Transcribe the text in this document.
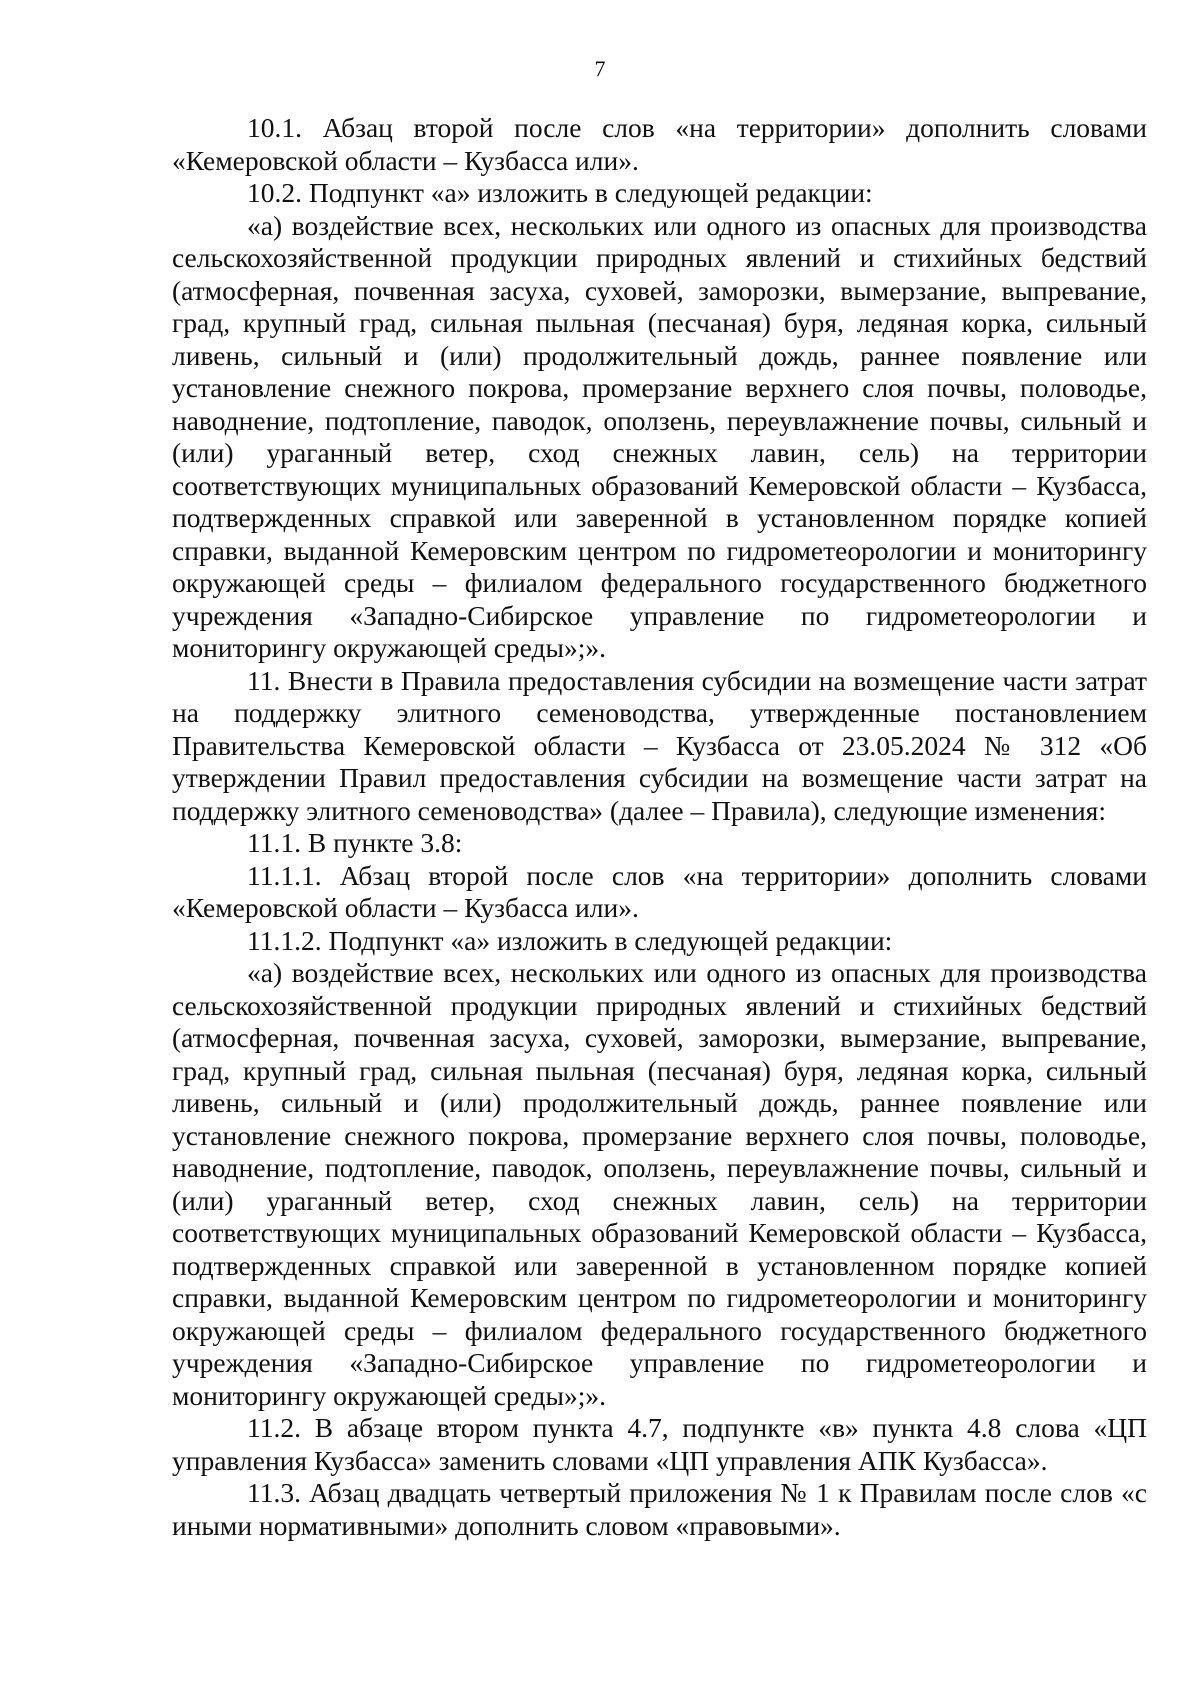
7

10.1. Абзац второй после слов «на территории» дополнить словами «Кемеровской области – Кузбасса или».

10.2. Подпункт «а» изложить в следующей редакции:

«а) воздействие всех, нескольких или одного из опасных для производства сельскохозяйственной продукции природных явлений и стихийных бедствий (атмосферная, почвенная засуха, суховей, заморозки, вымерзание, выпревание, град, крупный град, сильная пыльная (песчаная) буря, ледяная корка, сильный ливень, сильный и (или) продолжительный дождь, раннее появление или установление снежного покрова, промерзание верхнего слоя почвы, половодье, наводнение, подтопление, паводок, оползень, переувлажнение почвы, сильный и (или) ураганный ветер, сход снежных лавин, сель) на территории соответствующих муниципальных образований Кемеровской области – Кузбасса, подтвержденных справкой или заверенной в установленном порядке копией справки, выданной Кемеровским центром по гидрометеорологии и мониторингу окружающей среды – филиалом федерального государственного бюджетного учреждения «Западно-Сибирское управление по гидрометеорологии и мониторингу окружающей среды»;».

11. Внести в Правила предоставления субсидии на возмещение части затрат на поддержку элитного семеноводства, утвержденные постановлением Правительства Кемеровской области – Кузбасса от 23.05.2024 № 312 «Об утверждении Правил предоставления субсидии на возмещение части затрат на поддержку элитного семеноводства» (далее – Правила), следующие изменения:

11.1. В пункте 3.8:

11.1.1. Абзац второй после слов «на территории» дополнить словами «Кемеровской области – Кузбасса или».

11.1.2. Подпункт «а» изложить в следующей редакции:

«а) воздействие всех, нескольких или одного из опасных для производства сельскохозяйственной продукции природных явлений и стихийных бедствий (атмосферная, почвенная засуха, суховей, заморозки, вымерзание, выпревание, град, крупный град, сильная пыльная (песчаная) буря, ледяная корка, сильный ливень, сильный и (или) продолжительный дождь, раннее появление или установление снежного покрова, промерзание верхнего слоя почвы, половодье, наводнение, подтопление, паводок, оползень, переувлажнение почвы, сильный и (или) ураганный ветер, сход снежных лавин, сель) на территории соответствующих муниципальных образований Кемеровской области – Кузбасса, подтвержденных справкой или заверенной в установленном порядке копией справки, выданной Кемеровским центром по гидрометеорологии и мониторингу окружающей среды – филиалом федерального государственного бюджетного учреждения «Западно-Сибирское управление по гидрометеорологии и мониторингу окружающей среды»;».

11.2. В абзаце втором пункта 4.7, подпункте «в» пункта 4.8 слова «ЦП управления Кузбасса» заменить словами «ЦП управления АПК Кузбасса».

11.3. Абзац двадцать четвертый приложения № 1 к Правилам после слов «с иными нормативными» дополнить словом «правовыми».
